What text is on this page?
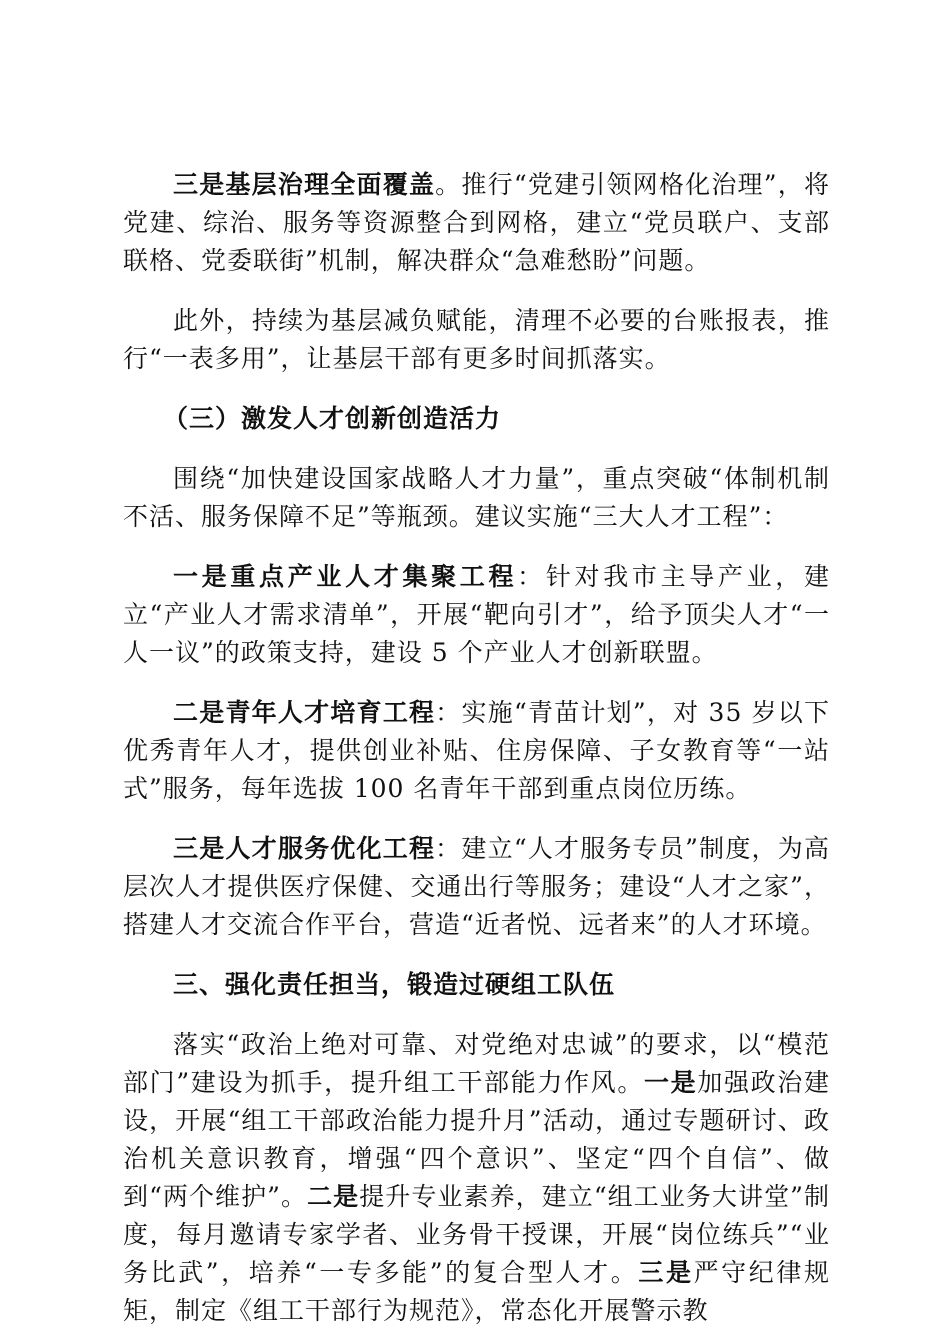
三是基层治理全面覆盖。推行“党建引领网格化治理”，将党建、综治、服务等资源整合到网格，建立“党员联户、支部联格、党委联街”机制，解决群众“急难愁盼”问题。

此外，持续为基层减负赋能，清理不必要的台账报表，推行“一表多用”，让基层干部有更多时间抓落实。

（三）激发人才创新创造活力

围绕“加快建设国家战略人才力量”，重点突破“体制机制不活、服务保障不足”等瓶颈。建议实施“三大人才工程”：

一是重点产业人才集聚工程：针对我市主导产业，建立“产业人才需求清单”，开展“靶向引才”，给予顶尖人才“一人一议”的政策支持，建设 5 个产业人才创新联盟。

二是青年人才培育工程：实施“青苗计划”，对 35 岁以下优秀青年人才，提供创业补贴、住房保障、子女教育等“一站式”服务，每年选拔 100 名青年干部到重点岗位历练。

三是人才服务优化工程：建立“人才服务专员”制度，为高层次人才提供医疗保健、交通出行等服务；建设“人才之家”，搭建人才交流合作平台，营造“近者悦、远者来”的人才环境。

三、强化责任担当，锻造过硬组工队伍

落实“政治上绝对可靠、对党绝对忠诚”的要求，以“模范部门”建设为抓手，提升组工干部能力作风。一是加强政治建设，开展“组工干部政治能力提升月”活动，通过专题研讨、政治机关意识教育，增强“四个意识”、坚定“四个自信”、做到“两个维护”。二是提升专业素养，建立“组工业务大讲堂”制度，每月邀请专家学者、业务骨干授课，开展“岗位练兵”“业务比武”，培养“一专多能”的复合型人才。三是严守纪律规矩，制定《组工干部行为规范》，常态化开展警示教
